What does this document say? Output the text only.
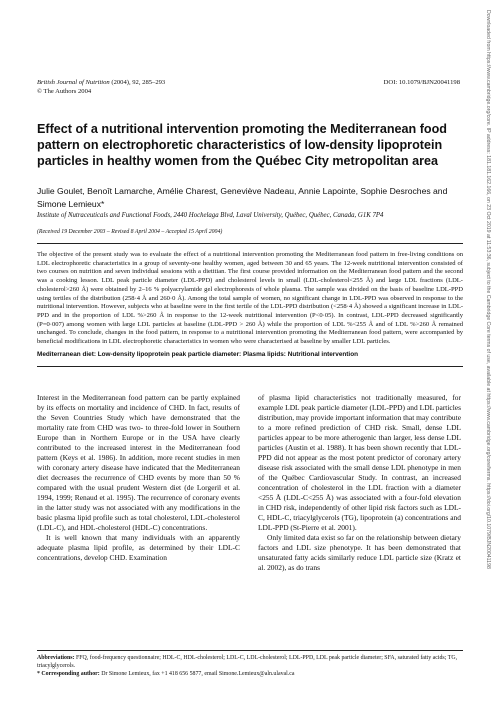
British Journal of Nutrition (2004), 92, 285–293
© The Authors 2004
DOI: 10.1079/BJN20041198	Downloaded from https://www.cambridge.org/core. IP address: 181.181.162.166, on 23 Oct 2019 at 11:53:36, subject to the Cambridge Core terms of use, available at https://www.cambridge.org/core/terms. https://doi.org/10.1079/BJN20041198
Effect of a nutritional intervention promoting the Mediterranean food pattern on electrophoretic characteristics of low-density lipoprotein particles in healthy women from the Québec City metropolitan area
Julie Goulet, Benoît Lamarche, Amélie Charest, Geneviève Nadeau, Annie Lapointe, Sophie Desroches and Simone Lemieux*
Institute of Nutraceuticals and Functional Foods, 2440 Hochelaga Blvd, Laval University, Québec, Québec, Canada, G1K 7P4
(Received 19 December 2003 – Revised 8 April 2004 – Accepted 15 April 2004)
The objective of the present study was to evaluate the effect of a nutritional intervention promoting the Mediterranean food pattern in free-living conditions on LDL electrophoretic characteristics in a group of seventy-one healthy women, aged between 30 and 65 years. The 12-week nutritional intervention consisted of two courses on nutrition and seven individual sessions with a dietitian. The first course provided information on the Mediterranean food pattern and the second was a cooking lesson. LDL peak particle diameter (LDL-PPD) and cholesterol levels in small (LDL-cholesterol<255 Å) and large LDL fractions (LDL-cholesterol>260 Å) were obtained by 2–16 % polyacrylamide gel electrophoresis of whole plasma. The sample was divided on the basis of baseline LDL-PPD using tertiles of the distribution (258·4 Å and 260·0 Å). Among the total sample of women, no significant change in LDL-PPD was observed in response to the nutritional intervention. However, subjects who at baseline were in the first tertile of the LDL-PPD distribution (<258·4 Å) showed a significant increase in LDL-PPD and in the proportion of LDL %>260 Å in response to the 12-week nutritional intervention (P<0·05). In contrast, LDL-PPD decreased significantly (P=0·007) among women with large LDL particles at baseline (LDL-PPD > 260 Å) while the proportion of LDL %<255 Å and of LDL %>260 Å remained unchanged. To conclude, changes in the food pattern, in response to a nutritional intervention promoting the Mediterranean food pattern, were accompanied by beneficial modifications in LDL electrophoretic characteristics in women who were characterised at baseline by smaller LDL particles.
Mediterranean diet: Low-density lipoprotein peak particle diameter: Plasma lipids: Nutritional intervention

Interest in the Mediterranean food pattern can be partly explained by its effects on mortality and incidence of CHD. In fact, results of the Seven Countries Study which have demonstrated that the mortality rate from CHD was two- to three-fold lower in Southern Europe than in Northern Europe or in the USA have clearly contributed to the increased interest in the Mediterranean food pattern (Keys et al. 1986). In addition, more recent studies in men with coronary artery disease have indicated that the Mediterranean diet decreases the recurrence of CHD events by more than 50 % compared with the usual prudent Western diet (de Lorgeril et al. 1994, 1999; Renaud et al. 1995). The recurrence of coronary events in the latter study was not associated with any modifications in the basic plasma lipid profile such as total cholesterol, LDL-cholesterol (LDL-C), and HDL-cholesterol (HDL-C) concentrations.

It is well known that many individuals with an apparently adequate plasma lipid profile, as determined by their LDL-C concentrations, develop CHD. Examination

of plasma lipid characteristics not traditionally measured, for example LDL peak particle diameter (LDL-PPD) and LDL particles distribution, may provide important information that may contribute to a more refined prediction of CHD risk. Small, dense LDL particles appear to be more atherogenic than larger, less dense LDL particles (Austin et al. 1988). It has been shown recently that LDL-PPD did not appear as the most potent predictor of coronary artery disease risk associated with the small dense LDL phenotype in men of the Québec Cardiovascular Study. In contrast, an increased concentration of cholesterol in the LDL fraction with a diameter <255 Å (LDL-C<255 Å) was associated with a four-fold elevation in CHD risk, independently of other lipid risk factors such as LDL-C, HDL-C, triacylglycerols (TG), lipoprotein (a) concentrations and LDL-PPD (St-Pierre et al. 2001).

Only limited data exist so far on the relationship between dietary factors and LDL size phenotype. It has been demonstrated that unsaturated fatty acids similarly reduce LDL particle size (Kratz et al. 2002), as do trans

Abbreviations: FFQ, food-frequency questionnaire; HDL-C, HDL-cholesterol; LDL-C, LDL-cholesterol; LDL-PPD, LDL peak particle diameter; SFA, saturated fatty acids; TG, triacylglycerols.
* Corresponding author: Dr Simone Lemieux, fax +1 418 656 5877, email Simone.Lemieux@aln.ulaval.ca
